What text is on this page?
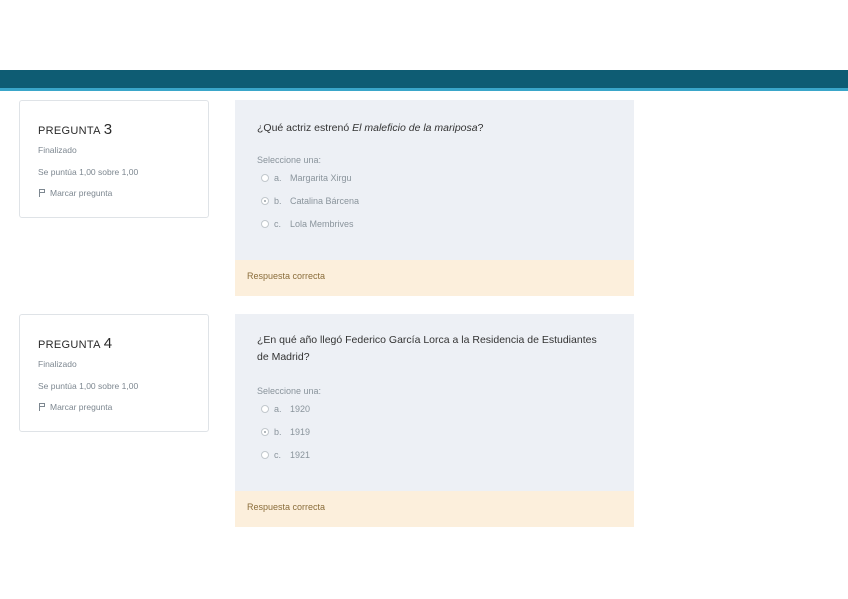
PREGUNTA 3
Finalizado
Se puntúa 1,00 sobre 1,00
Marcar pregunta
¿Qué actriz estrenó El maleficio de la mariposa?
Seleccione una:
a. Margarita Xirgu
b. Catalina Bárcena
c. Lola Membrives
Respuesta correcta
PREGUNTA 4
Finalizado
Se puntúa 1,00 sobre 1,00
Marcar pregunta
¿En qué año llegó Federico García Lorca a la Residencia de Estudiantes de Madrid?
Seleccione una:
a. 1920
b. 1919
c. 1921
Respuesta correcta
